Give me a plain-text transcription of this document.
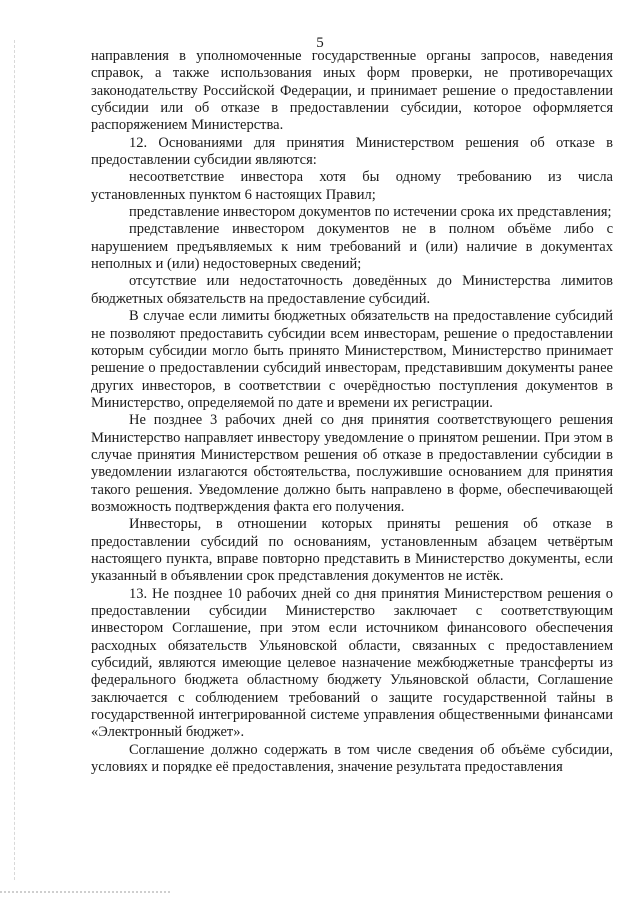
5

направления в уполномоченные государственные органы запросов, наведения справок, а также использования иных форм проверки, не противоречащих законодательству Российской Федерации, и принимает решение о предоставлении субсидии или об отказе в предоставлении субсидии, которое оформляется распоряжением Министерства.

12. Основаниями для принятия Министерством решения об отказе в предоставлении субсидии являются:

несоответствие инвестора хотя бы одному требованию из числа установленных пунктом 6 настоящих Правил;

представление инвестором документов по истечении срока их представления;

представление инвестором документов не в полном объёме либо с нарушением предъявляемых к ним требований и (или) наличие в документах неполных и (или) недостоверных сведений;

отсутствие или недостаточность доведённых до Министерства лимитов бюджетных обязательств на предоставление субсидий.

В случае если лимиты бюджетных обязательств на предоставление субсидий не позволяют предоставить субсидии всем инвесторам, решение о предоставлении которым субсидии могло быть принято Министерством, Министерство принимает решение о предоставлении субсидий инвесторам, представившим документы ранее других инвесторов, в соответствии с очерёдностью поступления документов в Министерство, определяемой по дате и времени их регистрации.

Не позднее 3 рабочих дней со дня принятия соответствующего решения Министерство направляет инвестору уведомление о принятом решении. При этом в случае принятия Министерством решения об отказе в предоставлении субсидии в уведомлении излагаются обстоятельства, послужившие основанием для принятия такого решения. Уведомление должно быть направлено в форме, обеспечивающей возможность подтверждения факта его получения.

Инвесторы, в отношении которых приняты решения об отказе в предоставлении субсидий по основаниям, установленным абзацем четвёртым настоящего пункта, вправе повторно представить в Министерство документы, если указанный в объявлении срок представления документов не истёк.

13. Не позднее 10 рабочих дней со дня принятия Министерством решения о предоставлении субсидии Министерство заключает с соответствующим инвестором Соглашение, при этом если источником финансового обеспечения расходных обязательств Ульяновской области, связанных с предоставлением субсидий, являются имеющие целевое назначение межбюджетные трансферты из федерального бюджета областному бюджету Ульяновской области, Соглашение заключается с соблюдением требований о защите государственной тайны в государственной интегрированной системе управления общественными финансами «Электронный бюджет».

Соглашение должно содержать в том числе сведения об объёме субсидии, условиях и порядке её предоставления, значение результата предоставления
